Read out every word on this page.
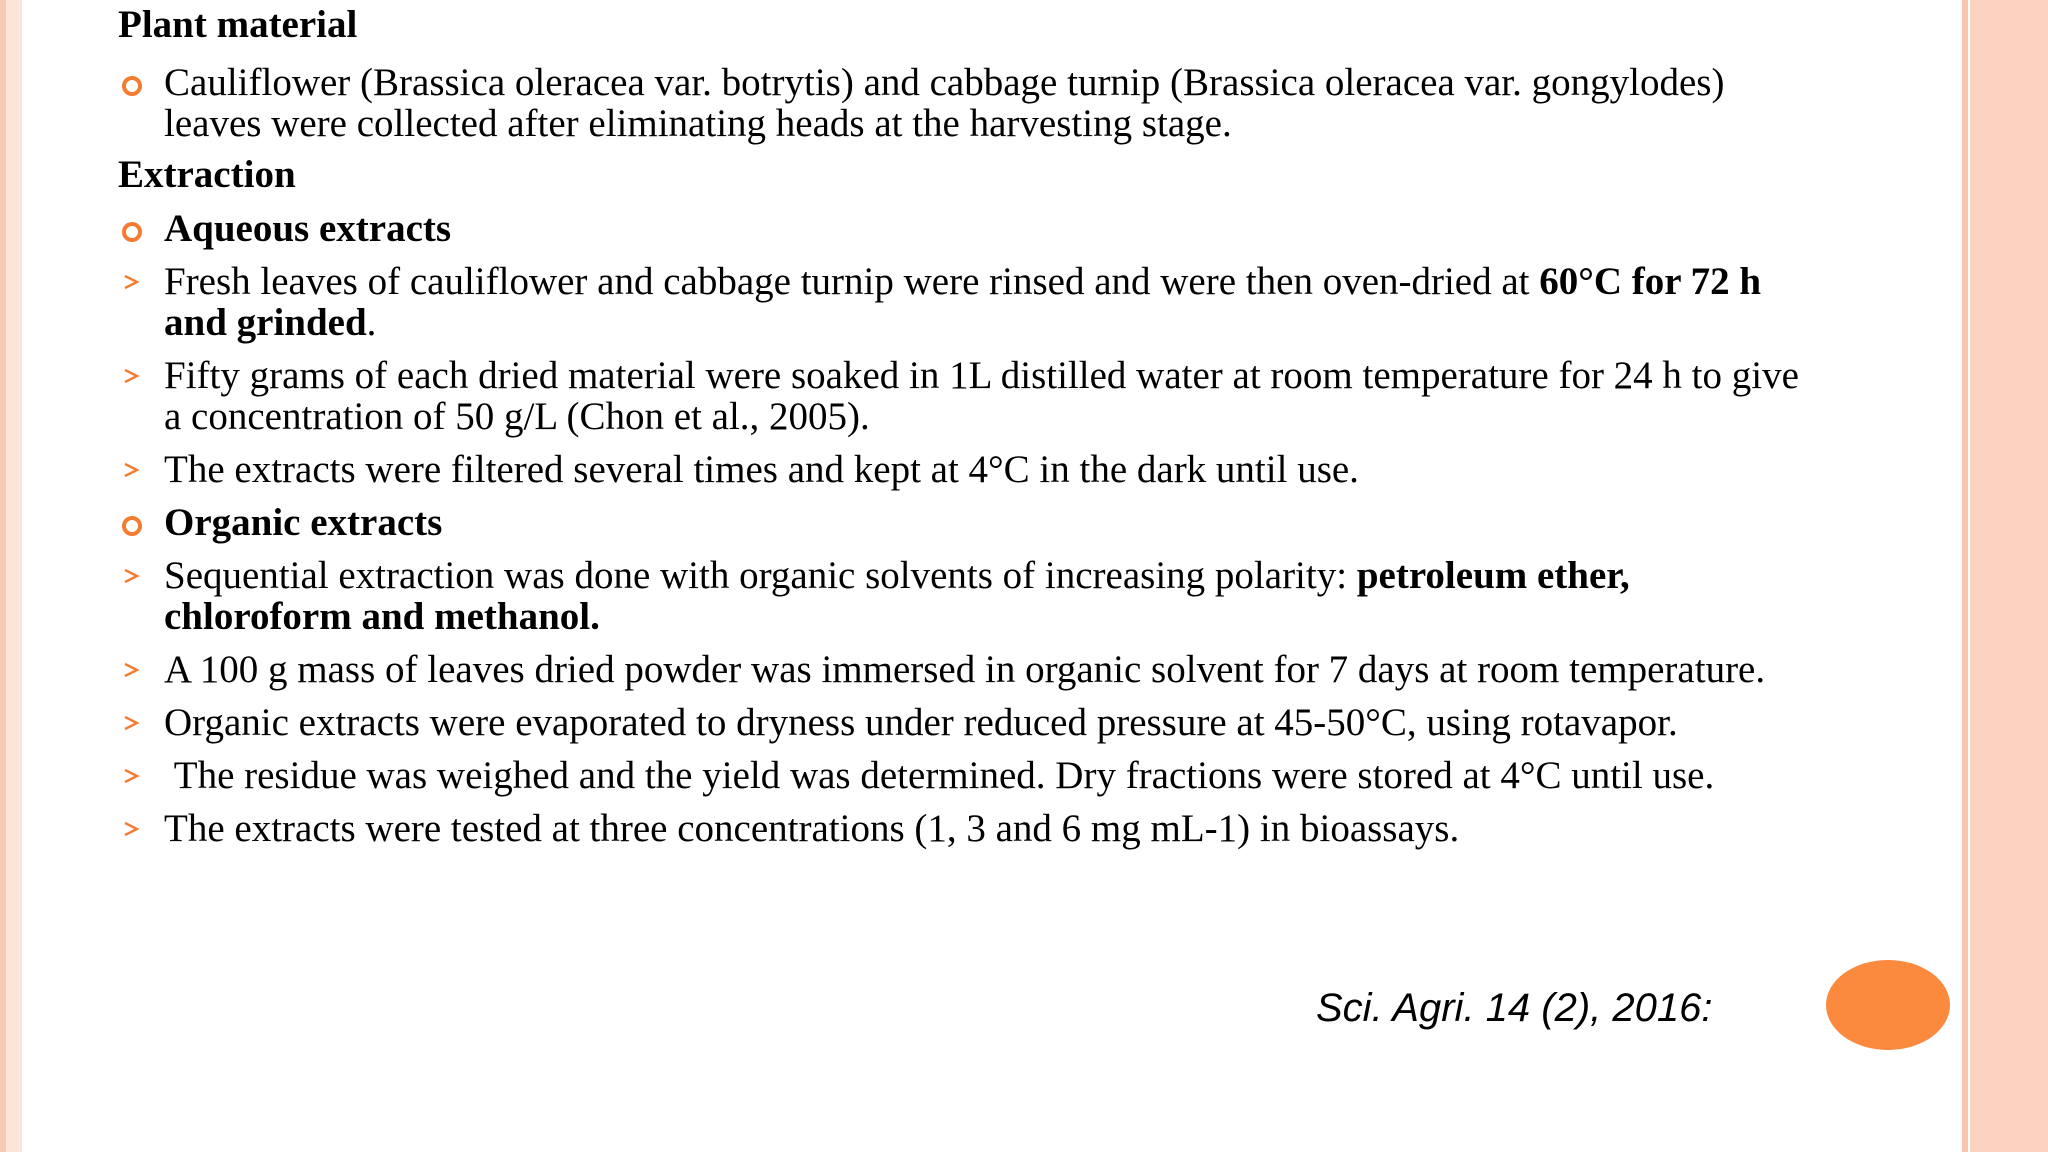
Plant material
Cauliflower (Brassica oleracea var. botrytis) and cabbage turnip (Brassica oleracea var. gongylodes) leaves were collected after eliminating heads at the harvesting stage.
Extraction
Aqueous extracts
Fresh leaves of cauliflower and cabbage turnip were rinsed and were then oven-dried at 60°C for 72 h and grinded.
Fifty grams of each dried material were soaked in 1L distilled water at room temperature for 24 h to give a concentration of 50 g/L (Chon et al., 2005).
The extracts were filtered several times and kept at 4°C in the dark until use.
Organic extracts
Sequential extraction was done with organic solvents of increasing polarity: petroleum ether, chloroform and methanol.
A 100 g mass of leaves dried powder was immersed in organic solvent for 7 days at room temperature.
Organic extracts were evaporated to dryness under reduced pressure at 45-50°C, using rotavapor.
The residue was weighed and the yield was determined. Dry fractions were stored at 4°C until use.
The extracts were tested at three concentrations (1, 3 and 6 mg mL-1) in bioassays.
Sci. Agri. 14 (2), 2016:
